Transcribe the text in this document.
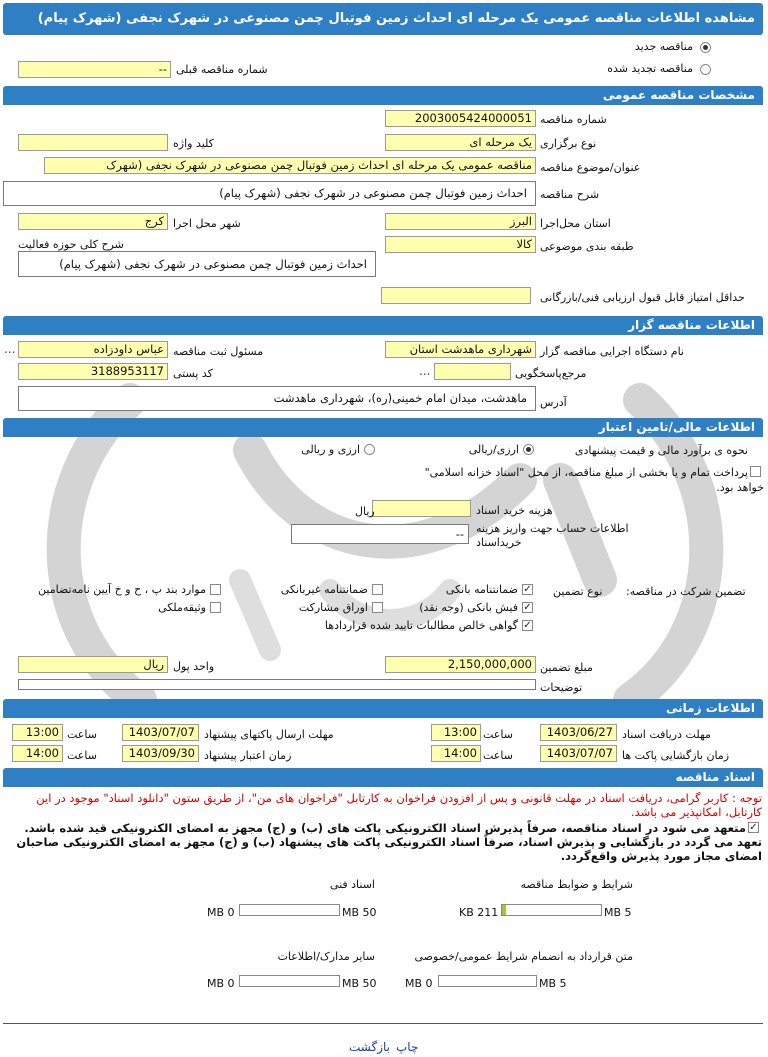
مشاهده اطلاعات مناقصه عمومی یک مرحله ای احداث زمین فوتبال چمن مصنوعی در شهرک نجفی (شهرک پیام)
مناقصه جدید
مناقصه تجدید شده
شماره مناقصه قبلی
--
مشخصات مناقصه عمومی
شماره مناقصه
2003005424000051
نوع برگزاری
یک مرحله ای
کلید واژه
عنوان/موضوع مناقصه
مناقصه عمومی یک مرحله ای احداث زمین فوتبال چمن مصنوعی در شهرک نجفی (شهرک
شرح مناقصه
احداث زمین فوتبال چمن مصنوعی در شهرک نجفی (شهرک پیام)
استان محل‌اجرا
البرز
شهر محل اجرا
کرج
طبقه بندی موضوعی
کالا
شرح کلی حوزه فعالیت
احداث زمین فوتبال چمن مصنوعی در شهرک نجفی (شهرک پیام)
حداقل امتیاز قابل قبول ارزیابی فنی/بازرگانی
اطلاعات مناقصه گزار
نام دستگاه اجرایی مناقصه گزار
شهرداری ماهدشت استان
مسئول ثبت مناقصه
عباس داودزاده
...
مرجع‌پاسخگویی
...
کد پستی
3188953117
آدرس
ماهدشت، میدان امام خمینی(ره)، شهرداری ماهدشت
اطلاعات مالی/تامین اعتبار
نحوه ی برآورد مالی و قیمت پیشنهادی
ارزی/ریالی
ارزی و ریالی
پرداخت تمام و یا بخشی از مبلغ مناقصه، از محل "اسناد خزانه اسلامی"
خواهد بود.
هزینه خرید اسناد
ریال
اطلاعات حساب جهت واریز هزینه
خریداسناد
--
تضمین شرکت در مناقصه:
نوع تضمین
✓
ضمانتنامه بانکی
ضمانتنامه غیربانکی
موارد بند پ ، ح و خ آیین نامه‌تضامین
✓
فیش بانکی (وجه نقد)
اوراق مشارکت
وثیقه‌ملکی
✓
گواهی خالص مطالبات تایید شده قراردادها
مبلغ تضمین
2,150,000,000
واحد پول
ریال
توضیحات
اطلاعات زمانی
مهلت دریافت اسناد
1403/06/27
ساعت
13:00
مهلت ارسال پاکتهای پیشنهاد
1403/07/07
ساعت
13:00
زمان بازگشایی پاکت ها
1403/07/07
ساعت
14:00
زمان اعتبار پیشنهاد
1403/09/30
ساعت
14:00
اسناد مناقصه
توجه : کاربر گرامی، دریافت اسناد در مهلت قانونی و پس از افزودن فراخوان به کارتابل "فراخوان های من"، از طریق ستون "دانلود اسناد" موجود در این
کارتابل، امکانپذیر می باشد.
✓
متعهد می شود در اسناد مناقصه، صرفاً پذیرش اسناد الکترونیکی پاکت های (ب) و (ج) مجهز به امضای الکترونیکی قید شده باشد.
تعهد می گردد در بازگشایی و پذیرش اسناد، صرفاً اسناد الکترونیکی پاکت های پیشنهاد (ب) و (ج) مجهز به امضای الکترونیکی صاحبان
امضای مجاز مورد پذیرش واقع‌گردد.
شرایط و ضوابط مناقصه
5 MB
211 KB
اسناد فنی
50 MB
0 MB
متن قرارداد به انضمام شرایط عمومی/خصوصی
5 MB
0 MB
سایر مدارک/اطلاعات
50 MB
0 MB
چاپ
بازگشت
